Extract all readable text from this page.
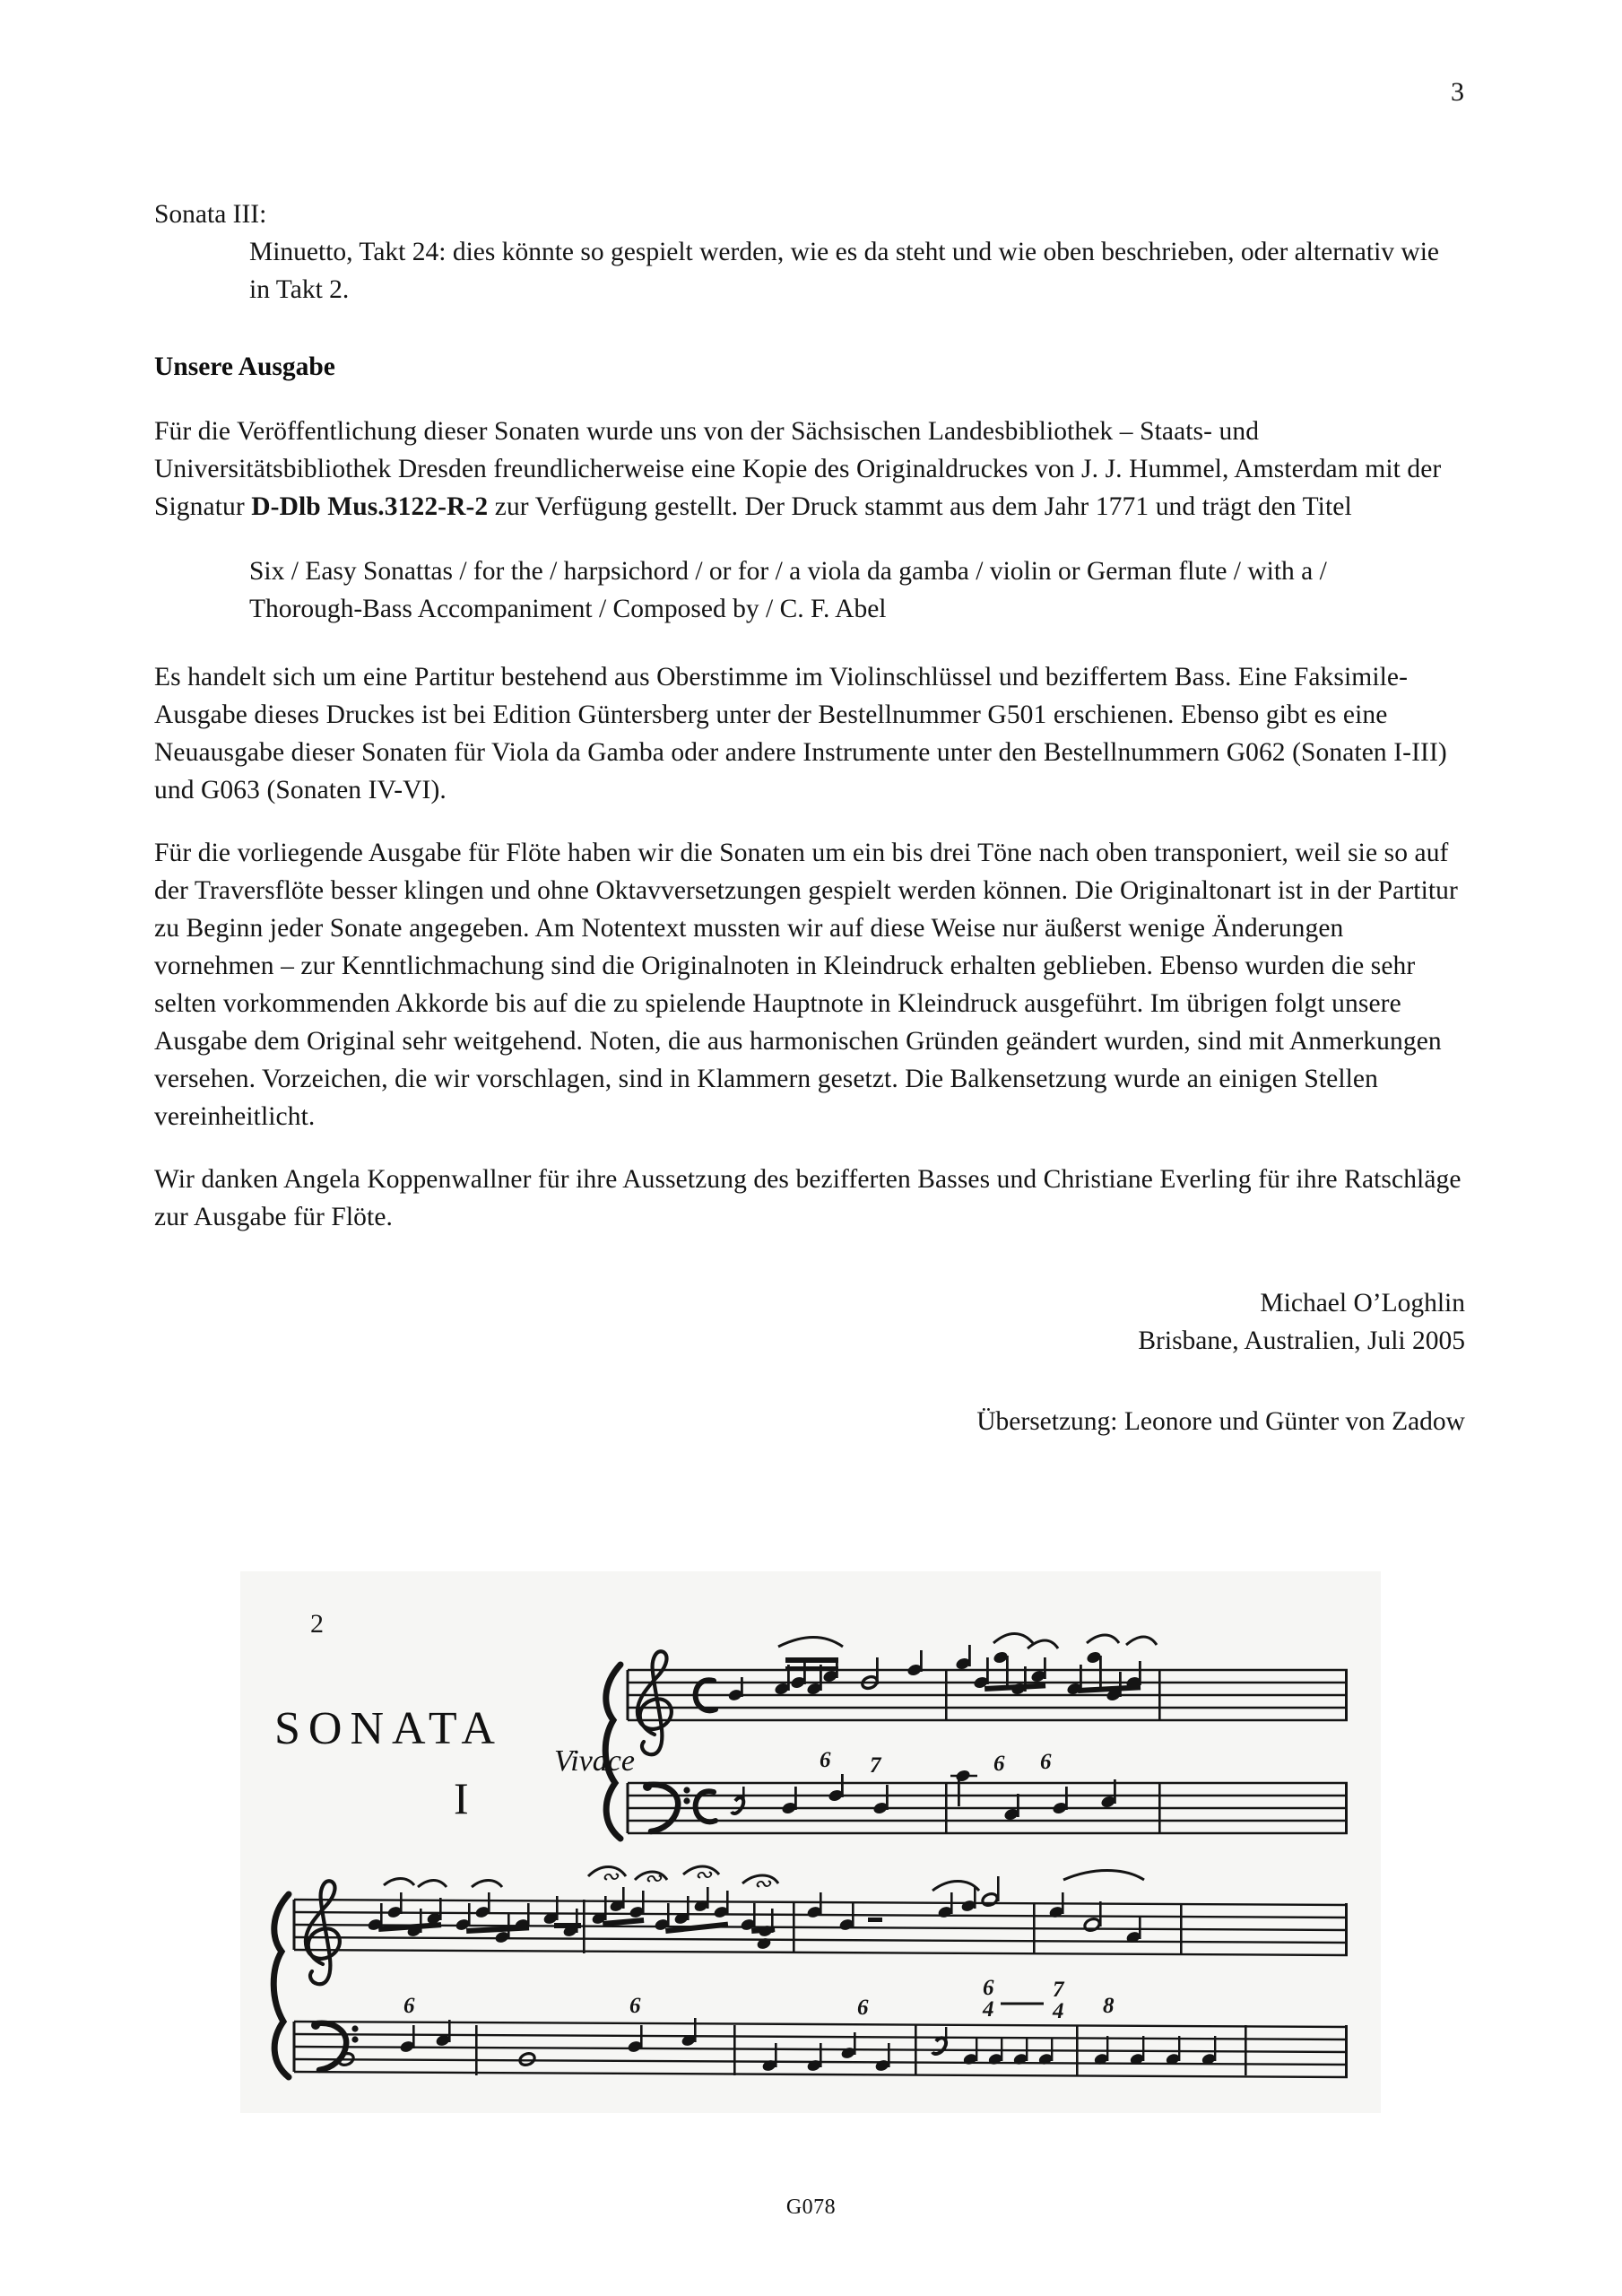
3

Sonata III:

Minuetto, Takt 24: dies könnte so gespielt werden, wie es da steht und wie oben beschrieben, oder alternativ wie in Takt 2.
Unsere Ausgabe

Für die Veröffentlichung dieser Sonaten wurde uns von der Sächsischen Landesbibliothek – Staats- und Universitätsbibliothek Dresden freundlicherweise eine Kopie des Originaldruckes von J. J. Hummel, Amsterdam mit der Signatur D-Dlb Mus.3122-R-2 zur Verfügung gestellt. Der Druck stammt aus dem Jahr 1771 und trägt den Titel

Six / Easy Sonattas / for the / harpsichord / or for / a viola da gamba / violin or German flute / with a / Thorough-Bass Accompaniment / Composed by / C. F. Abel

Es handelt sich um eine Partitur bestehend aus Oberstimme im Violinschlüssel und beziffertem Bass. Eine Faksimile-Ausgabe dieses Druckes ist bei Edition Güntersberg unter der Bestellnummer G501 erschienen. Ebenso gibt es eine Neuausgabe dieser Sonaten für Viola da Gamba oder andere Instrumente unter den Bestellnummern G062 (Sonaten I-III) und G063 (Sonaten IV-VI).

Für die vorliegende Ausgabe für Flöte haben wir die Sonaten um ein bis drei Töne nach oben transponiert, weil sie so auf der Traversflöte besser klingen und ohne Oktavversetzungen gespielt werden können. Die Originaltonart ist in der Partitur zu Beginn jeder Sonate angegeben. Am Notentext mussten wir auf diese Weise nur äußerst wenige Änderungen vornehmen – zur Kenntlichmachung sind die Originalnoten in Kleindruck erhalten geblieben. Ebenso wurden die sehr selten vorkommenden Akkorde bis auf die zu spielende Hauptnote in Kleindruck ausgeführt. Im übrigen folgt unsere Ausgabe dem Original sehr weitgehend. Noten, die aus harmonischen Gründen geändert wurden, sind mit Anmerkungen versehen. Vorzeichen, die wir vorschlagen, sind in Klammern gesetzt. Die Balkensetzung wurde an einigen Stellen vereinheitlicht.

Wir danken Angela Koppenwallner für ihre Aussetzung des bezifferten Basses und Christiane Everling für ihre Ratschläge zur Ausgabe für Flöte.

Michael O’Loghlin
Brisbane, Australien, Juli 2005
Übersetzung: Leonore und Günter von Zadow
2
SONATA
I
Vivace	6 7	6 6
∾ ∾ ∾ ∾
6	6	6
6
4
7
4 8
G078
